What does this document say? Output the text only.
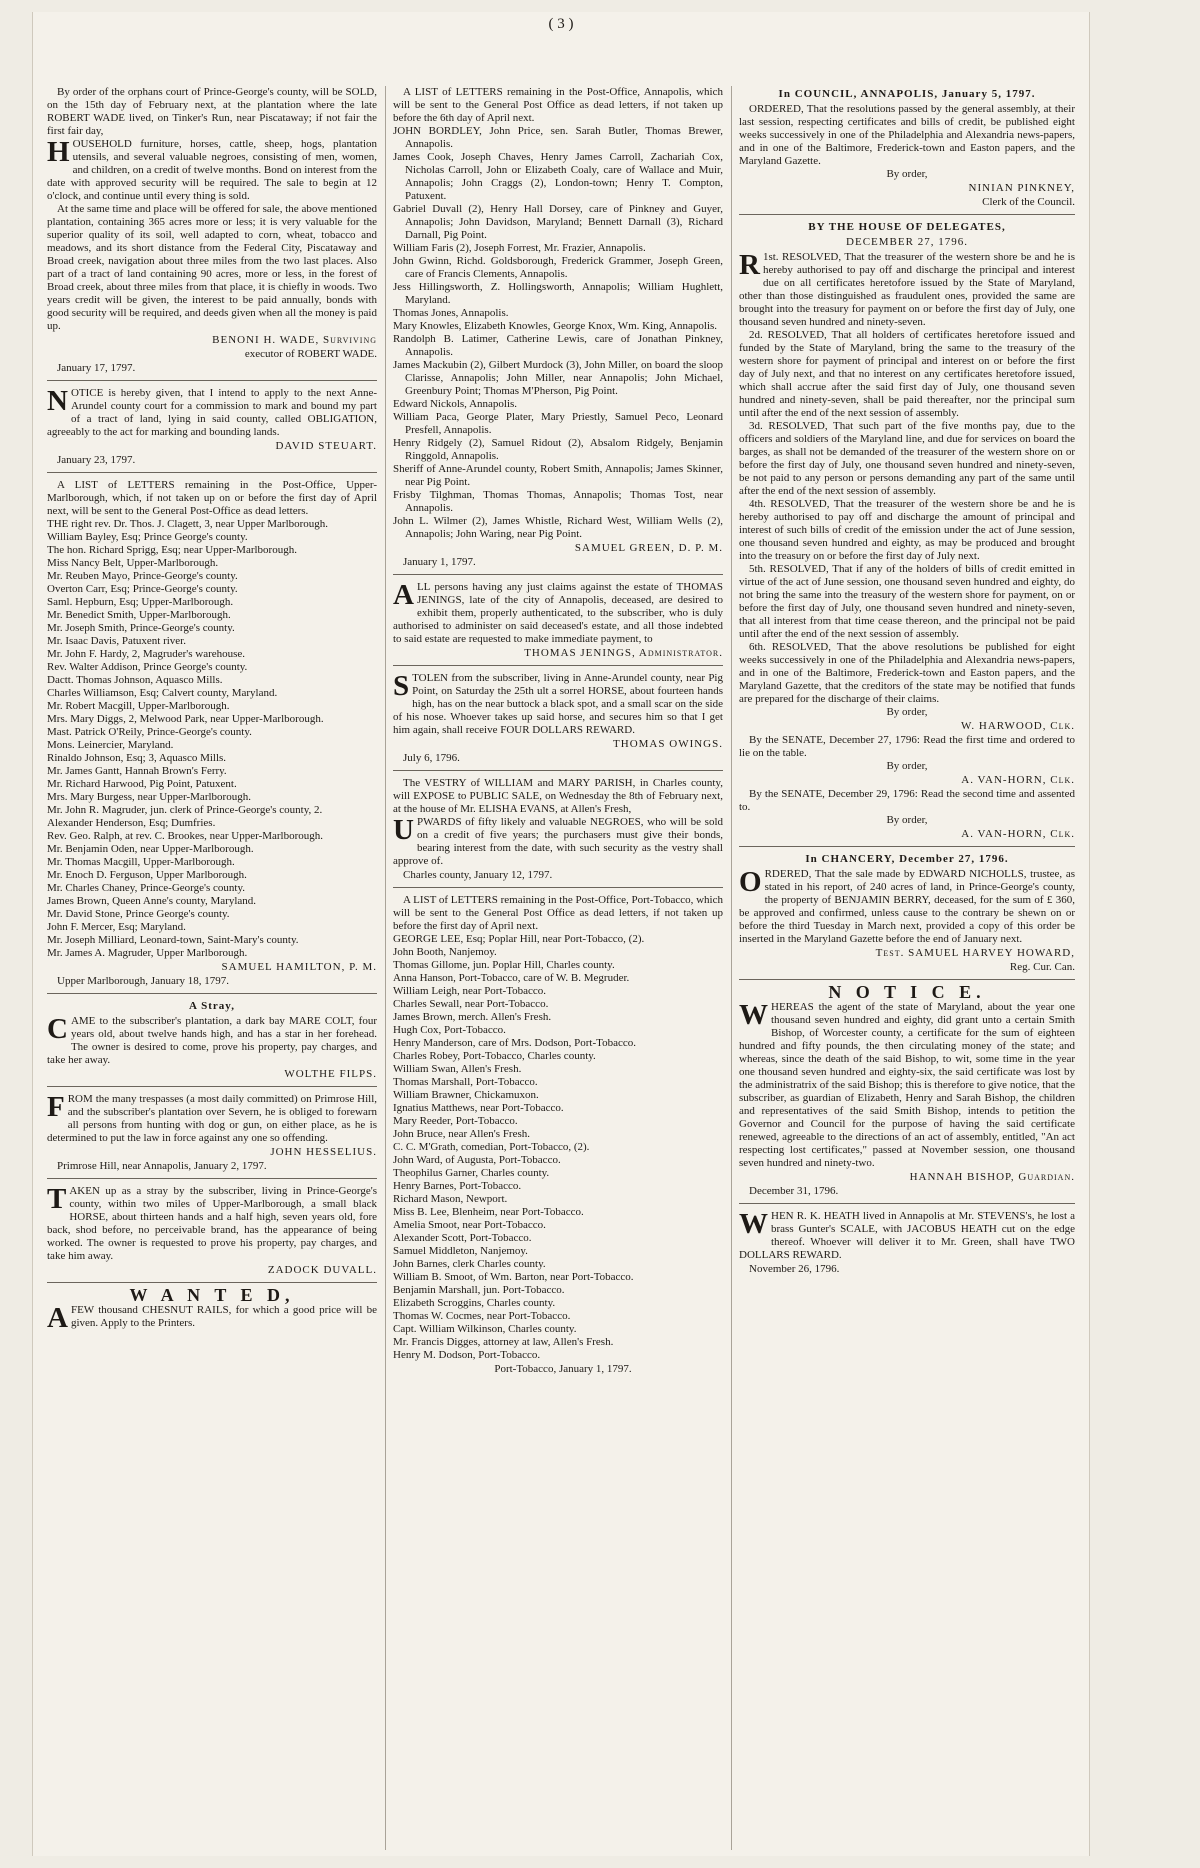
( 3 )

By order of the orphans court of Prince-George's county, will be SOLD, on the 15th day of February next, at the plantation where the late ROBERT WADE lived, on Tinker's Run, near Piscataway; if not fair the first fair day,

HOUSEHOLD furniture, horses, cattle, sheep, hogs, plantation utensils, and several valuable negroes, consisting of men, women, and children, on a credit of twelve months. Bond on interest from the date with approved security will be required. The sale to begin at 12 o'clock, and continue until every thing is sold.

At the same time and place will be offered for sale, the above mentioned plantation, containing 365 acres more or less; it is very valuable for the superior quality of its soil, well adapted to corn, wheat, tobacco and meadows, and its short distance from the Federal City, Piscataway and Broad creek, navigation about three miles from the two last places. Also part of a tract of land containing 90 acres, more or less, in the forest of Broad creek, about three miles from that place, it is chiefly in woods. Two years credit will be given, the interest to be paid annually, bonds with good security will be required, and deeds given when all the money is paid up.

BENONI H. WADE, Surviving
executor of ROBERT WADE.
January 17, 1797.

NOTICE is hereby given, that I intend to apply to the next Anne-Arundel county court for a commission to mark and bound my part of a tract of land, lying in said county, called OBLIGATION, agreeably to the act for marking and bounding lands.

DAVID STEUART.
January 23, 1797.

A LIST of LETTERS remaining in the Post-Office, Upper-Marlborough, which, if not taken up on or before the first day of April next, will be sent to the General Post-Office as dead letters.

THE right rev. Dr. Thos. J. Clagett, 3, near Upper Marlborough.

William Bayley, Esq; Prince George's county.

The hon. Richard Sprigg, Esq; near Upper-Marlborough.

Miss Nancy Belt, Upper-Marlborough.

Mr. Reuben Mayo, Prince-George's county.

Overton Carr, Esq; Prince-George's county.

Saml. Hepburn, Esq; Upper-Marlborough.

Mr. Benedict Smith, Upper-Marlborough.

Mr. Joseph Smith, Prince-George's county.

Mr. Isaac Davis, Patuxent river.

Mr. John F. Hardy, 2, Magruder's warehouse.

Rev. Walter Addison, Prince George's county.

Dactt. Thomas Johnson, Aquasco Mills.

Charles Williamson, Esq; Calvert county, Maryland.

Mr. Robert Macgill, Upper-Marlborough.

Mrs. Mary Diggs, 2, Melwood Park, near Upper-Marlborough.

Mast. Patrick O'Reily, Prince-George's county.

Mons. Leinercier, Maryland.

Rinaldo Johnson, Esq; 3, Aquasco Mills.

Mr. James Gantt, Hannah Brown's Ferry.

Mr. Richard Harwood, Pig Point, Patuxent.

Mrs. Mary Burgess, near Upper-Marlborough.

Mr. John R. Magruder, jun. clerk of Prince-George's county, 2.

Alexander Henderson, Esq; Dumfries.

Rev. Geo. Ralph, at rev. C. Brookes, near Upper-Marlborough.

Mr. Benjamin Oden, near Upper-Marlborough.

Mr. Thomas Macgill, Upper-Marlborough.

Mr. Enoch D. Ferguson, Upper Marlborough.

Mr. Charles Chaney, Prince-George's county.

James Brown, Queen Anne's county, Maryland.

Mr. David Stone, Prince George's county.

John F. Mercer, Esq; Maryland.

Mr. Joseph Milliard, Leonard-town, Saint-Mary's county.

Mr. James A. Magruder, Upper Marlborough.

SAMUEL HAMILTON, P. M.
Upper Marlborough, January 18, 1797.
A Stray,

CAME to the subscriber's plantation, a dark bay MARE COLT, four years old, about twelve hands high, and has a star in her forehead. The owner is desired to come, prove his property, pay charges, and take her away.

WOLTHE FILPS.

FROM the many trespasses (a most daily committed) on Primrose Hill, and the subscriber's plantation over Severn, he is obliged to forewarn all persons from hunting with dog or gun, on either place, as he is determined to put the law in force against any one so offending.

JOHN HESSELIUS.
Primrose Hill, near Annapolis, January 2, 1797.

TAKEN up as a stray by the subscriber, living in Prince-George's county, within two miles of Upper-Marlborough, a small black HORSE, about thirteen hands and a half high, seven years old, fore back, shod before, no perceivable brand, has the appearance of being worked. The owner is requested to prove his property, pay charges, and take him away.

ZADOCK DUVALL.
W A N T E D,

AFEW thousand CHESNUT RAILS, for which a good price will be given. Apply to the Printers.

A LIST of LETTERS remaining in the Post-Office, Annapolis, which will be sent to the General Post Office as dead letters, if not taken up before the 6th day of April next.

JOHN BORDLEY, John Price, sen. Sarah Butler, Thomas Brewer, Annapolis.

James Cook, Joseph Chaves, Henry James Carroll, Zachariah Cox, Nicholas Carroll, John or Elizabeth Coaly, care of Wallace and Muir, Annapolis; John Craggs (2), London-town; Henry T. Compton, Patuxent.

Gabriel Duvall (2), Henry Hall Dorsey, care of Pinkney and Guyer, Annapolis; John Davidson, Maryland; Bennett Darnall (3), Richard Darnall, Pig Point.

William Faris (2), Joseph Forrest, Mr. Frazier, Annapolis.

John Gwinn, Richd. Goldsborough, Frederick Grammer, Joseph Green, care of Francis Clements, Annapolis.

Jess Hillingsworth, Z. Hollingsworth, Annapolis; William Hughlett, Maryland.

Thomas Jones, Annapolis.

Mary Knowles, Elizabeth Knowles, George Knox, Wm. King, Annapolis.

Randolph B. Latimer, Catherine Lewis, care of Jonathan Pinkney, Annapolis.

James Mackubin (2), Gilbert Murdock (3), John Miller, on board the sloop Clarisse, Annapolis; John Miller, near Annapolis; John Michael, Greenbury Point; Thomas M'Pherson, Pig Point.

Edward Nickols, Annapolis.

William Paca, George Plater, Mary Priestly, Samuel Peco, Leonard Presfell, Annapolis.

Henry Ridgely (2), Samuel Ridout (2), Absalom Ridgely, Benjamin Ringgold, Annapolis.

Sheriff of Anne-Arundel county, Robert Smith, Annapolis; James Skinner, near Pig Point.

Frisby Tilghman, Thomas Thomas, Annapolis; Thomas Tost, near Annapolis.

John L. Wilmer (2), James Whistle, Richard West, William Wells (2), Annapolis; John Waring, near Pig Point.

SAMUEL GREEN, D. P. M.
January 1, 1797.

ALL persons having any just claims against the estate of THOMAS JENINGS, late of the city of Annapolis, deceased, are desired to exhibit them, properly authenticated, to the subscriber, who is duly authorised to administer on said deceased's estate, and all those indebted to said estate are requested to make immediate payment, to

THOMAS JENINGS, Administrator.

STOLEN from the subscriber, living in Anne-Arundel county, near Pig Point, on Saturday the 25th ult a sorrel HORSE, about fourteen hands high, has on the near buttock a black spot, and a small scar on the side of his nose. Whoever takes up said horse, and secures him so that I get him again, shall receive FOUR DOLLARS REWARD.

THOMAS OWINGS.
July 6, 1796.

The VESTRY of WILLIAM and MARY PARISH, in Charles county, will EXPOSE to PUBLIC SALE, on Wednesday the 8th of February next, at the house of Mr. ELISHA EVANS, at Allen's Fresh,

UPWARDS of fifty likely and valuable NEGROES, who will be sold on a credit of five years; the purchasers must give their bonds, bearing interest from the date, with such security as the vestry shall approve of.

Charles county, January 12, 1797.

A LIST of LETTERS remaining in the Post-Office, Port-Tobacco, which will be sent to the General Post Office as dead letters, if not taken up before the first day of April next.

GEORGE LEE, Esq; Poplar Hill, near Port-Tobacco, (2).

John Booth, Nanjemoy.

Thomas Gillome, jun. Poplar Hill, Charles county.

Anna Hanson, Port-Tobacco, care of W. B. Megruder.

William Leigh, near Port-Tobacco.

Charles Sewall, near Port-Tobacco.

James Brown, merch. Allen's Fresh.

Hugh Cox, Port-Tobacco.

Henry Manderson, care of Mrs. Dodson, Port-Tobacco.

Charles Robey, Port-Tobacco, Charles county.

William Swan, Allen's Fresh.

Thomas Marshall, Port-Tobacco.

William Brawner, Chickamuxon.

Ignatius Matthews, near Port-Tobacco.

Mary Reeder, Port-Tobacco.

John Bruce, near Allen's Fresh.

C. C. M'Grath, comedian, Port-Tobacco, (2).

John Ward, of Augusta, Port-Tobacco.

Theophilus Garner, Charles county.

Henry Barnes, Port-Tobacco.

Richard Mason, Newport.

Miss B. Lee, Blenheim, near Port-Tobacco.

Amelia Smoot, near Port-Tobacco.

Alexander Scott, Port-Tobacco.

Samuel Middleton, Nanjemoy.

John Barnes, clerk Charles county.

William B. Smoot, of Wm. Barton, near Port-Tobacco.

Benjamin Marshall, jun. Port-Tobacco.

Elizabeth Scroggins, Charles county.

Thomas W. Cocmes, near Port-Tobacco.

Capt. William Wilkinson, Charles county.

Mr. Francis Digges, attorney at law, Allen's Fresh.

Henry M. Dodson, Port-Tobacco.

Port-Tobacco, January 1, 1797.
In COUNCIL, ANNAPOLIS, January 5, 1797.

ORDERED, That the resolutions passed by the general assembly, at their last session, respecting certificates and bills of credit, be published eight weeks successively in one of the Philadelphia and Alexandria news-papers, and in one of the Baltimore, Frederick-town and Easton papers, and the Maryland Gazette.

By order,
NINIAN PINKNEY,
Clerk of the Council.
BY THE HOUSE OF DELEGATES,
DECEMBER 27, 1796.

R 1st. RESOLVED, That the treasurer of the western shore be and he is hereby authorised to pay off and discharge the principal and interest due on all certificates heretofore issued by the State of Maryland, other than those distinguished as fraudulent ones, provided the same are brought into the treasury for payment on or before the first day of July, one thousand seven hundred and ninety-seven.

2d. RESOLVED, That all holders of certificates heretofore issued and funded by the State of Maryland, bring the same to the treasury of the western shore for payment of principal and interest on or before the first day of July next, and that no interest on any certificates heretofore issued, which shall accrue after the said first day of July, one thousand seven hundred and ninety-seven, shall be paid thereafter, nor the principal sum until after the end of the next session of assembly.

3d. RESOLVED, That such part of the five months pay, due to the officers and soldiers of the Maryland line, and due for services on board the barges, as shall not be demanded of the treasurer of the western shore on or before the first day of July, one thousand seven hundred and ninety-seven, be not paid to any person or persons demanding any part of the same until after the end of the next session of assembly.

4th. RESOLVED, That the treasurer of the western shore be and he is hereby authorised to pay off and discharge the amount of principal and interest of such bills of credit of the emission under the act of June session, one thousand seven hundred and eighty, as may be produced and brought into the treasury on or before the first day of July next.

5th. RESOLVED, That if any of the holders of bills of credit emitted in virtue of the act of June session, one thousand seven hundred and eighty, do not bring the same into the treasury of the western shore for payment, on or before the first day of July, one thousand seven hundred and ninety-seven, that all interest from that time cease thereon, and the principal not be paid until after the end of the next session of assembly.

6th. RESOLVED, That the above resolutions be published for eight weeks successively in one of the Philadelphia and Alexandria news-papers, and in one of the Baltimore, Frederick-town and Easton papers, and the Maryland Gazette, that the creditors of the state may be notified that funds are prepared for the discharge of their claims.

By order,
W. HARWOOD, Clk.

By the SENATE, December 27, 1796: Read the first time and ordered to lie on the table.

By order,
A. VAN-HORN, Clk.

By the SENATE, December 29, 1796: Read the second time and assented to.

By order,
A. VAN-HORN, Clk.
In CHANCERY, December 27, 1796.

ORDERED, That the sale made by EDWARD NICHOLLS, trustee, as stated in his report, of 240 acres of land, in Prince-George's county, the property of BENJAMIN BERRY, deceased, for the sum of £ 360, be approved and confirmed, unless cause to the contrary be shewn on or before the third Tuesday in March next, provided a copy of this order be inserted in the Maryland Gazette before the end of January next.

Test. SAMUEL HARVEY HOWARD,
Reg. Cur. Can.
N O T I C E.

WHEREAS the agent of the state of Maryland, about the year one thousand seven hundred and eighty, did grant unto a certain Smith Bishop, of Worcester county, a certificate for the sum of eighteen hundred and fifty pounds, the then circulating money of the state; and whereas, since the death of the said Bishop, to wit, some time in the year one thousand seven hundred and eighty-six, the said certificate was lost by the administratrix of the said Bishop; this is therefore to give notice, that the subscriber, as guardian of Elizabeth, Henry and Sarah Bishop, the children and representatives of the said Smith Bishop, intends to petition the Governor and Council for the purpose of having the said certificate renewed, agreeable to the directions of an act of assembly, entitled, "An act respecting lost certificates," passed at November session, one thousand seven hundred and ninety-two.

HANNAH BISHOP, Guardian.
December 31, 1796.

WHEN R. K. HEATH lived in Annapolis at Mr. STEVENS's, he lost a brass Gunter's SCALE, with JACOBUS HEATH cut on the edge thereof. Whoever will deliver it to Mr. Green, shall have TWO DOLLARS REWARD.

November 26, 1796.
